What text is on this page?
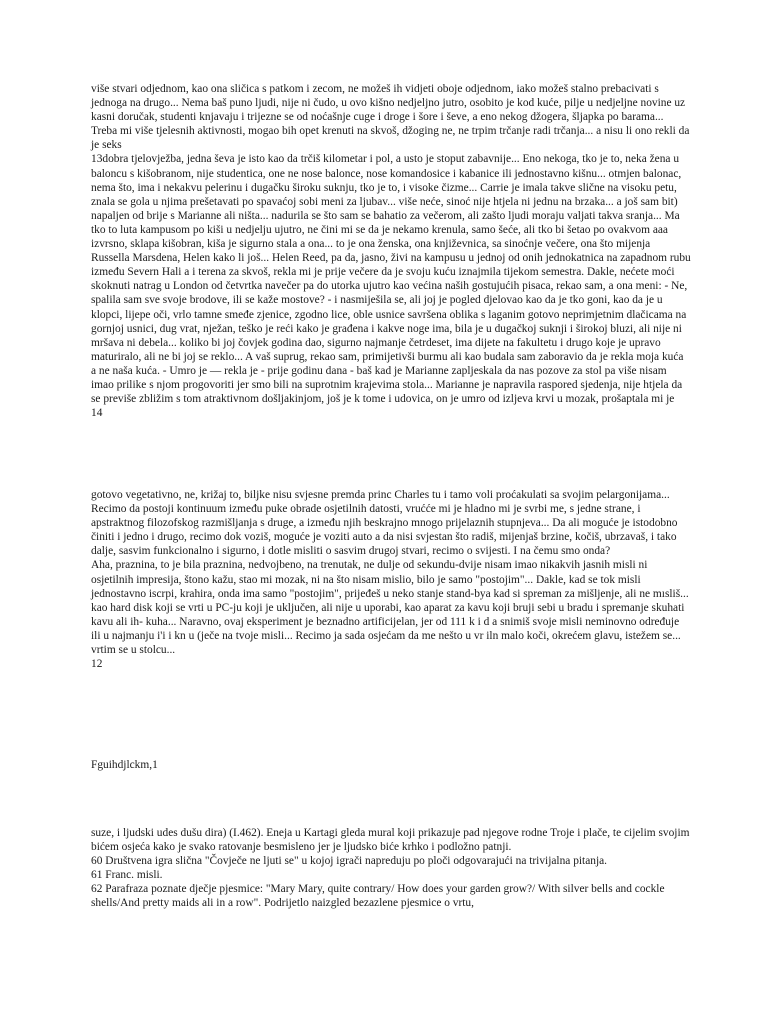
više stvari odjednom, kao ona sličica s patkom i zecom, ne možeš ih vidjeti oboje odjednom, iako možeš stalno prebacivati s jednoga na drugo... Nema baš puno ljudi, nije ni čudo, u ovo kišno nedjeljno jutro, osobito je kod kuće, pilje u nedjeljne novine uz kasni doručak, studenti knjavaju i trijezne se od noćašnje cuge i droge i šore i ševe, a eno nekog džogera, šljapka po barama... Treba mi više tjelesnih aktivnosti, mogao bih opet krenuti na skvoš, džoging ne, ne trpim trčanje radi trčanja... a nisu li ono rekli da je seks

13dobra tjelovježba, jedna ševa je isto kao da trčiš kilometar i pol, a usto je stoput zabavnije... Eno nekoga, tko je to, neka žena u baloncu s kišobranom, nije studentica, one ne nose balonce, nose komandosice i kabanice ili jednostavno kišnu... otmjen balonac, nema što, ima i nekakvu pelerinu i dugačku široku suknju, tko je to, i visoke čizme... Carrie je imala takve slične na visoku petu, znala se gola u njima prešetavati po spavaćoj sobi meni za ljubav... više neće, sinoć nije htjela ni jednu na brzaka... a još sam bit) napaljen od brije s Marianne ali ništa... nadurila se što sam se bahatio za večerom, ali zašto ljudi moraju valjati takva sranja... Ma tko to luta kampusom po kiši u nedjelju ujutro, ne čini mi se da je nekamo krenula, samo šeće, ali tko bi šetao po ovakvom aaa izvrsno, sklapa kišobran, kiša je sigurno stala a ona... to je ona ženska, ona književnica, sa sinoćnje večere, ona što mijenja Russella Marsdena, Helen kako li još... Helen Reed, pa da, jasno, živi na kampusu u jednoj od onih jednokatnica na zapadnom rubu između Severn Hali a i terena za skvoš, rekla mi je prije večere da je svoju kuću iznajmila tijekom semestra. Dakle, nećete moći skoknuti natrag u London od četvrtka navečer pa do utorka ujutro kao većina naših gostujućih pisaca, rekao sam, a ona meni: - Ne, spalila sam sve svoje brodove, ili se kaže mostove? - i nasmiješila se, ali joj je pogled djelovao kao da je tko goni, kao da je u klopci, lijepe oči, vrlo tamne smeđe zjenice, zgodno lice, oble usnice savršena oblika s laganim gotovo neprimjetnim dlačicama na gornjoj usnici, dug vrat, nježan, teško je reći kako je građena i kakve noge ima, bila je u dugačkoj suknji i širokoj bluzi, ali nije ni mršava ni debela... koliko bi joj čovjek godina dao, sigurno najmanje četrdeset, ima dijete na fakultetu i drugo koje je upravo maturiralo, ali ne bi joj se reklo... A vaš suprug, rekao sam, primijetivši burmu ali kao budala sam zaboravio da je rekla moja kuća a ne naša kuća. - Umro je — rekla je - prije godinu dana - baš kad je Marianne zapljeskala da nas pozove za stol pa više nisam imao prilike s njom progovoriti jer smo bili na suprotnim krajevima stola... Marianne je napravila raspored sjedenja, nije htjela da se previše zbližim s tom atraktivnom došljakinjom, još je k tome i udovica, on je umro od izljeva krvi u mozak, prošaptala mi je

14

gotovo vegetativno, ne, križaj to, biljke nisu svjesne premda princ Charles tu i tamo voli proćakulati sa svojim pelargonijama... Recimo da postoji kontinuum između puke obrade osjetilnih datosti, vrućće mi je hladno mi je svrbi me, s jedne strane, i apstraktnog filozofskog razmišljanja s druge, a između njih beskrajno mnogo prijelaznih stupnjeva... Da ali moguće je istodobno činiti i jedno i drugo, recimo dok voziš, moguće je voziti auto a da nisi svjestan što radiš, mijenjaš brzine, kočiš, ubrzavaš, i tako dalje, sasvim funkcionalno i sigurno, i dotle misliti o sasvim drugoj stvari, recimo o svijesti. I na čemu smo onda?

Aha, praznina, to je bila praznina, nedvojbeno, na trenutak, ne dulje od sekundu-dvije nisam imao nikakvih jasnih misli ni osjetilnih impresija, štono kažu, stao mi mozak, ni na što nisam mislio, bilo je samo "postojim"... Dakle, kad se tok misli jednostavno iscrpi, krahira, onda ima samo "postojim", prijeđeš u neko stanje stand-bya kad si spreman za mišljenje, ali ne mısliš... kao hard disk koji se vrti u PC-ju koji je uključen, ali nije u uporabi, kao aparat za kavu koji bruji sebi u bradu i spremanje skuhati kavu ali ih- kuha... Naravno, ovaj eksperiment je beznadno artificijelan, jer od 111 k i d a snimiš svoje misli neminovno određuje ili u najmanju i'i i kn u (ječe na tvoje misli... Recimo ja sada osjećam da me nešto u vr iln malo koči, okrećem glavu, istežem se... vrtim se u stolcu...

12

Fguihdjlckm,1

suze, i ljudski udes dušu dira) (I.462). Eneja u Kartagi gleda mural koji prikazuje pad njegove rodne Troje i plače, te cijelim svojim bićem osjeća kako je svako ratovanje besmisleno jer je ljudsko biće krhko i podložno patnji.

60 Društvena igra slična "Čovječe ne ljuti se" u kojoj igrači napreduju po ploči odgovarajući na trivijalna pitanja.

61 Franc. misli.

62 Parafraza poznate dječje pjesmice: "Mary Mary, quite contrary/ How does your garden grow?/ With silver bells and cockle shells/And pretty maids ali in a row". Podrijetlo naizgled bezazlene pjesmice o vrtu,
